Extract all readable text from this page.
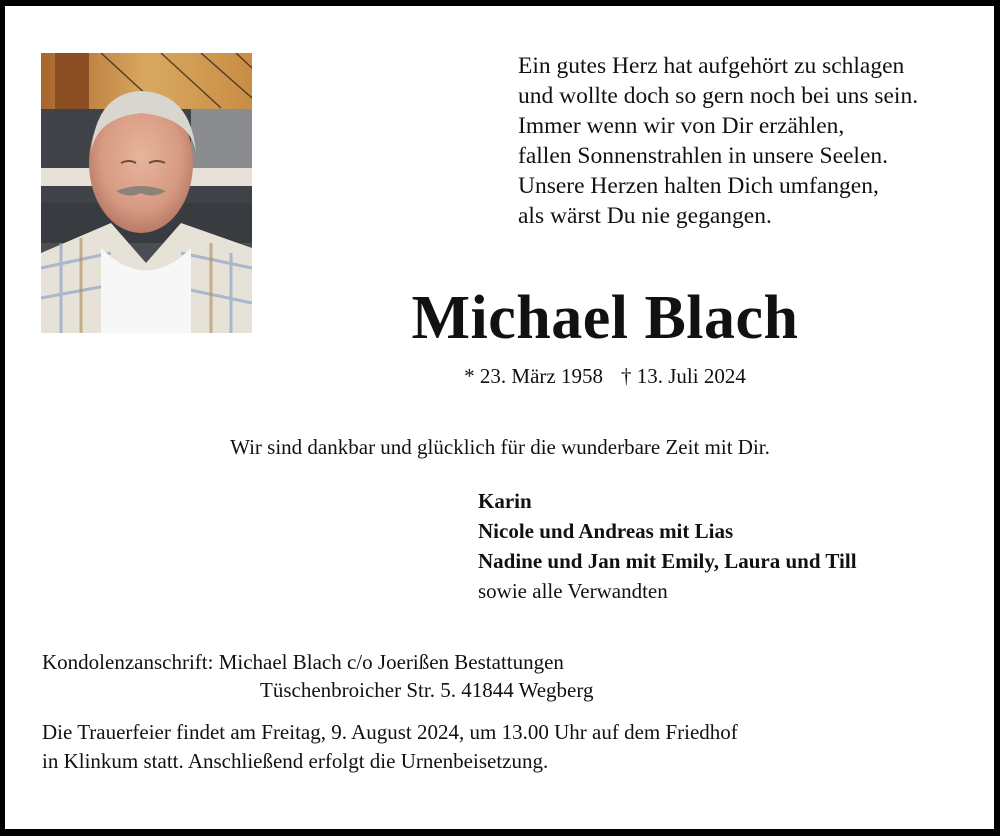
Ein gutes Herz hat aufgehört zu schlagen
und wollte doch so gern noch bei uns sein.
Immer wenn wir von Dir erzählen,
fallen Sonnenstrahlen in unsere Seelen.
Unsere Herzen halten Dich umfangen,
als wärst Du nie gegangen.
Michael Blach
* 23. März 1958 † 13. Juli 2024
Wir sind dankbar und glücklich für die wunderbare Zeit mit Dir.
Karin
Nicole und Andreas mit Lias
Nadine und Jan mit Emily, Laura und Till
sowie alle Verwandten
Kondolenzanschrift: Michael Blach c/o Joerißen Bestattungen
Tüschenbroicher Str. 5. 41844 Wegberg
Die Trauerfeier findet am Freitag, 9. August 2024, um 13.00 Uhr auf dem Friedhof
in Klinkum statt. Anschließend erfolgt die Urnenbeisetzung.
